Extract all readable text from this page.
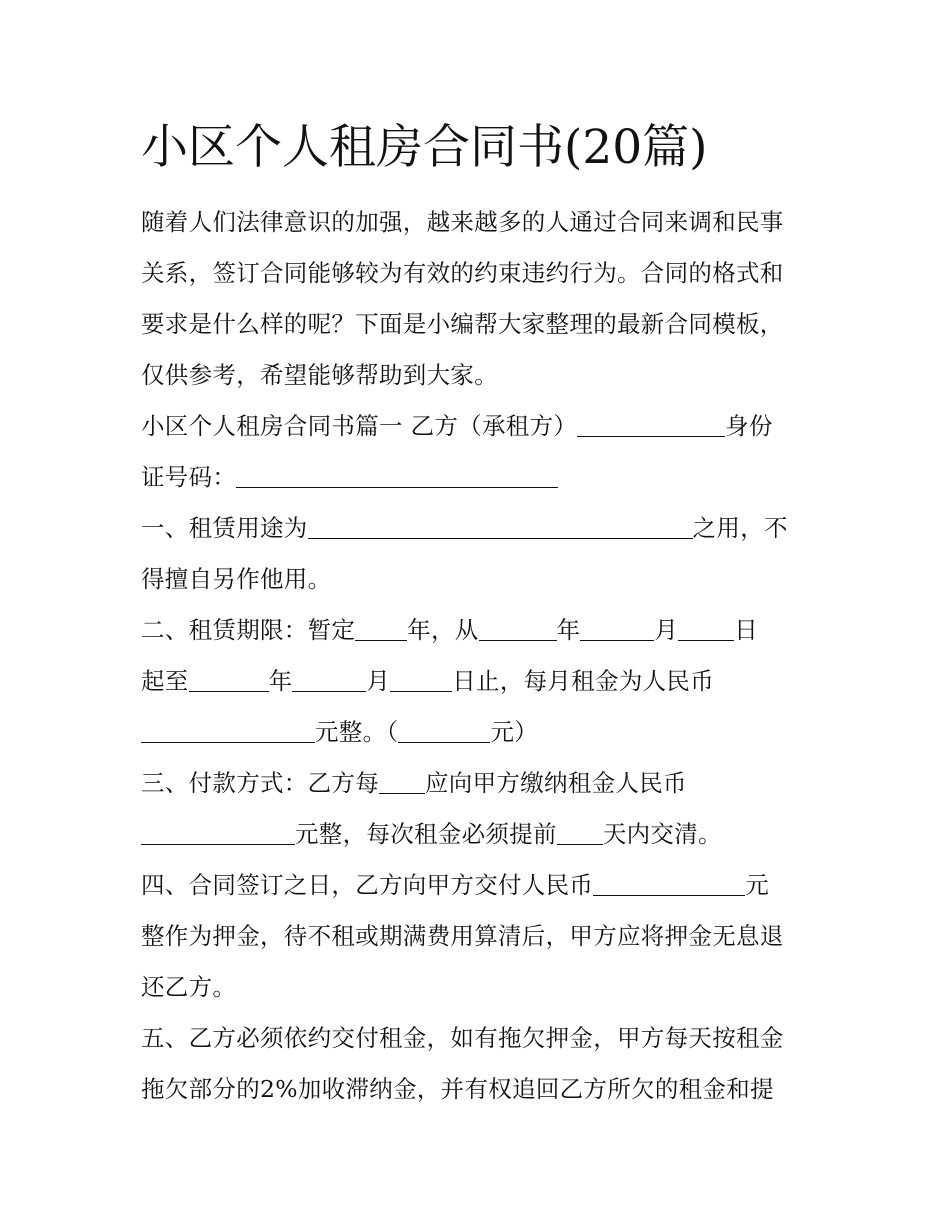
小区个人租房合同书(20篇)

随着人们法律意识的加强，越来越多的人通过合同来调和民事

关系，签订合同能够较为有效的约束违约行为。合同的格式和

要求是什么样的呢？下面是小编帮大家整理的最新合同模板，

仅供参考，希望能够帮助到大家。

小区个人租房合同书篇一 乙方（承租方）	身份

证号码：

一、租赁用途为	之用，不

得擅自另作他用。

二、租赁期限：暂定 年，从	年	月 日

起至	年	月	日止，每月租金为人民币

元整。（	元）

三、付款方式：乙方每 应向甲方缴纳租金人民币

元整，每次租金必须提前 天内交清。

四、合同签订之日，乙方向甲方交付人民币	元

整作为押金，待不租或期满费用算清后，甲方应将押金无息退

还乙方。

五、乙方必须依约交付租金，如有拖欠押金，甲方每天按租金

拖欠部分的2%加收滞纳金，并有权追回乙方所欠的租金和提
